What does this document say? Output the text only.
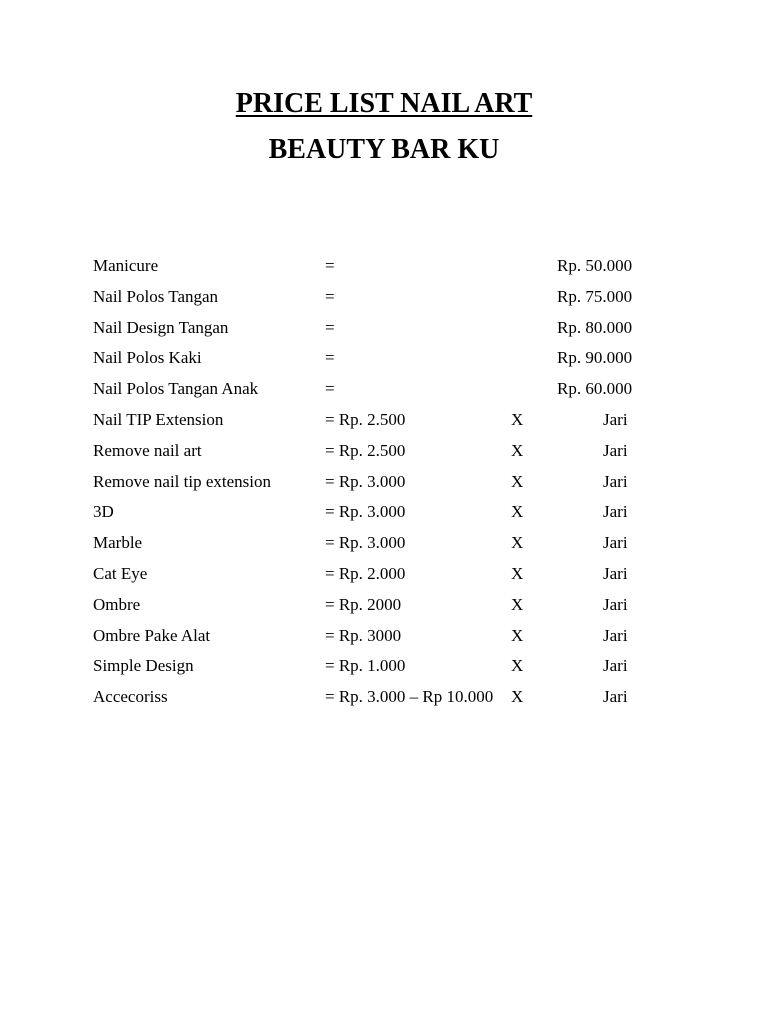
PRICE LIST NAIL ART
BEAUTY BAR KU
Manicure	=	Rp. 50.000
Nail Polos Tangan	=	Rp. 75.000
Nail Design Tangan	=	Rp. 80.000
Nail Polos Kaki	=	Rp. 90.000
Nail Polos Tangan Anak	=	Rp. 60.000
Nail TIP Extension	= Rp. 2.500	X	Jari
Remove nail art	= Rp. 2.500	X	Jari
Remove nail tip extension	= Rp. 3.000	X	Jari
3D	= Rp. 3.000	X	Jari
Marble	= Rp. 3.000	X	Jari
Cat Eye	= Rp. 2.000	X	Jari
Ombre	= Rp. 2000	X	Jari
Ombre Pake Alat	= Rp. 3000	X	Jari
Simple Design	= Rp. 1.000	X	Jari
Accecoriss	= Rp. 3.000 – Rp 10.000 X	Jari
